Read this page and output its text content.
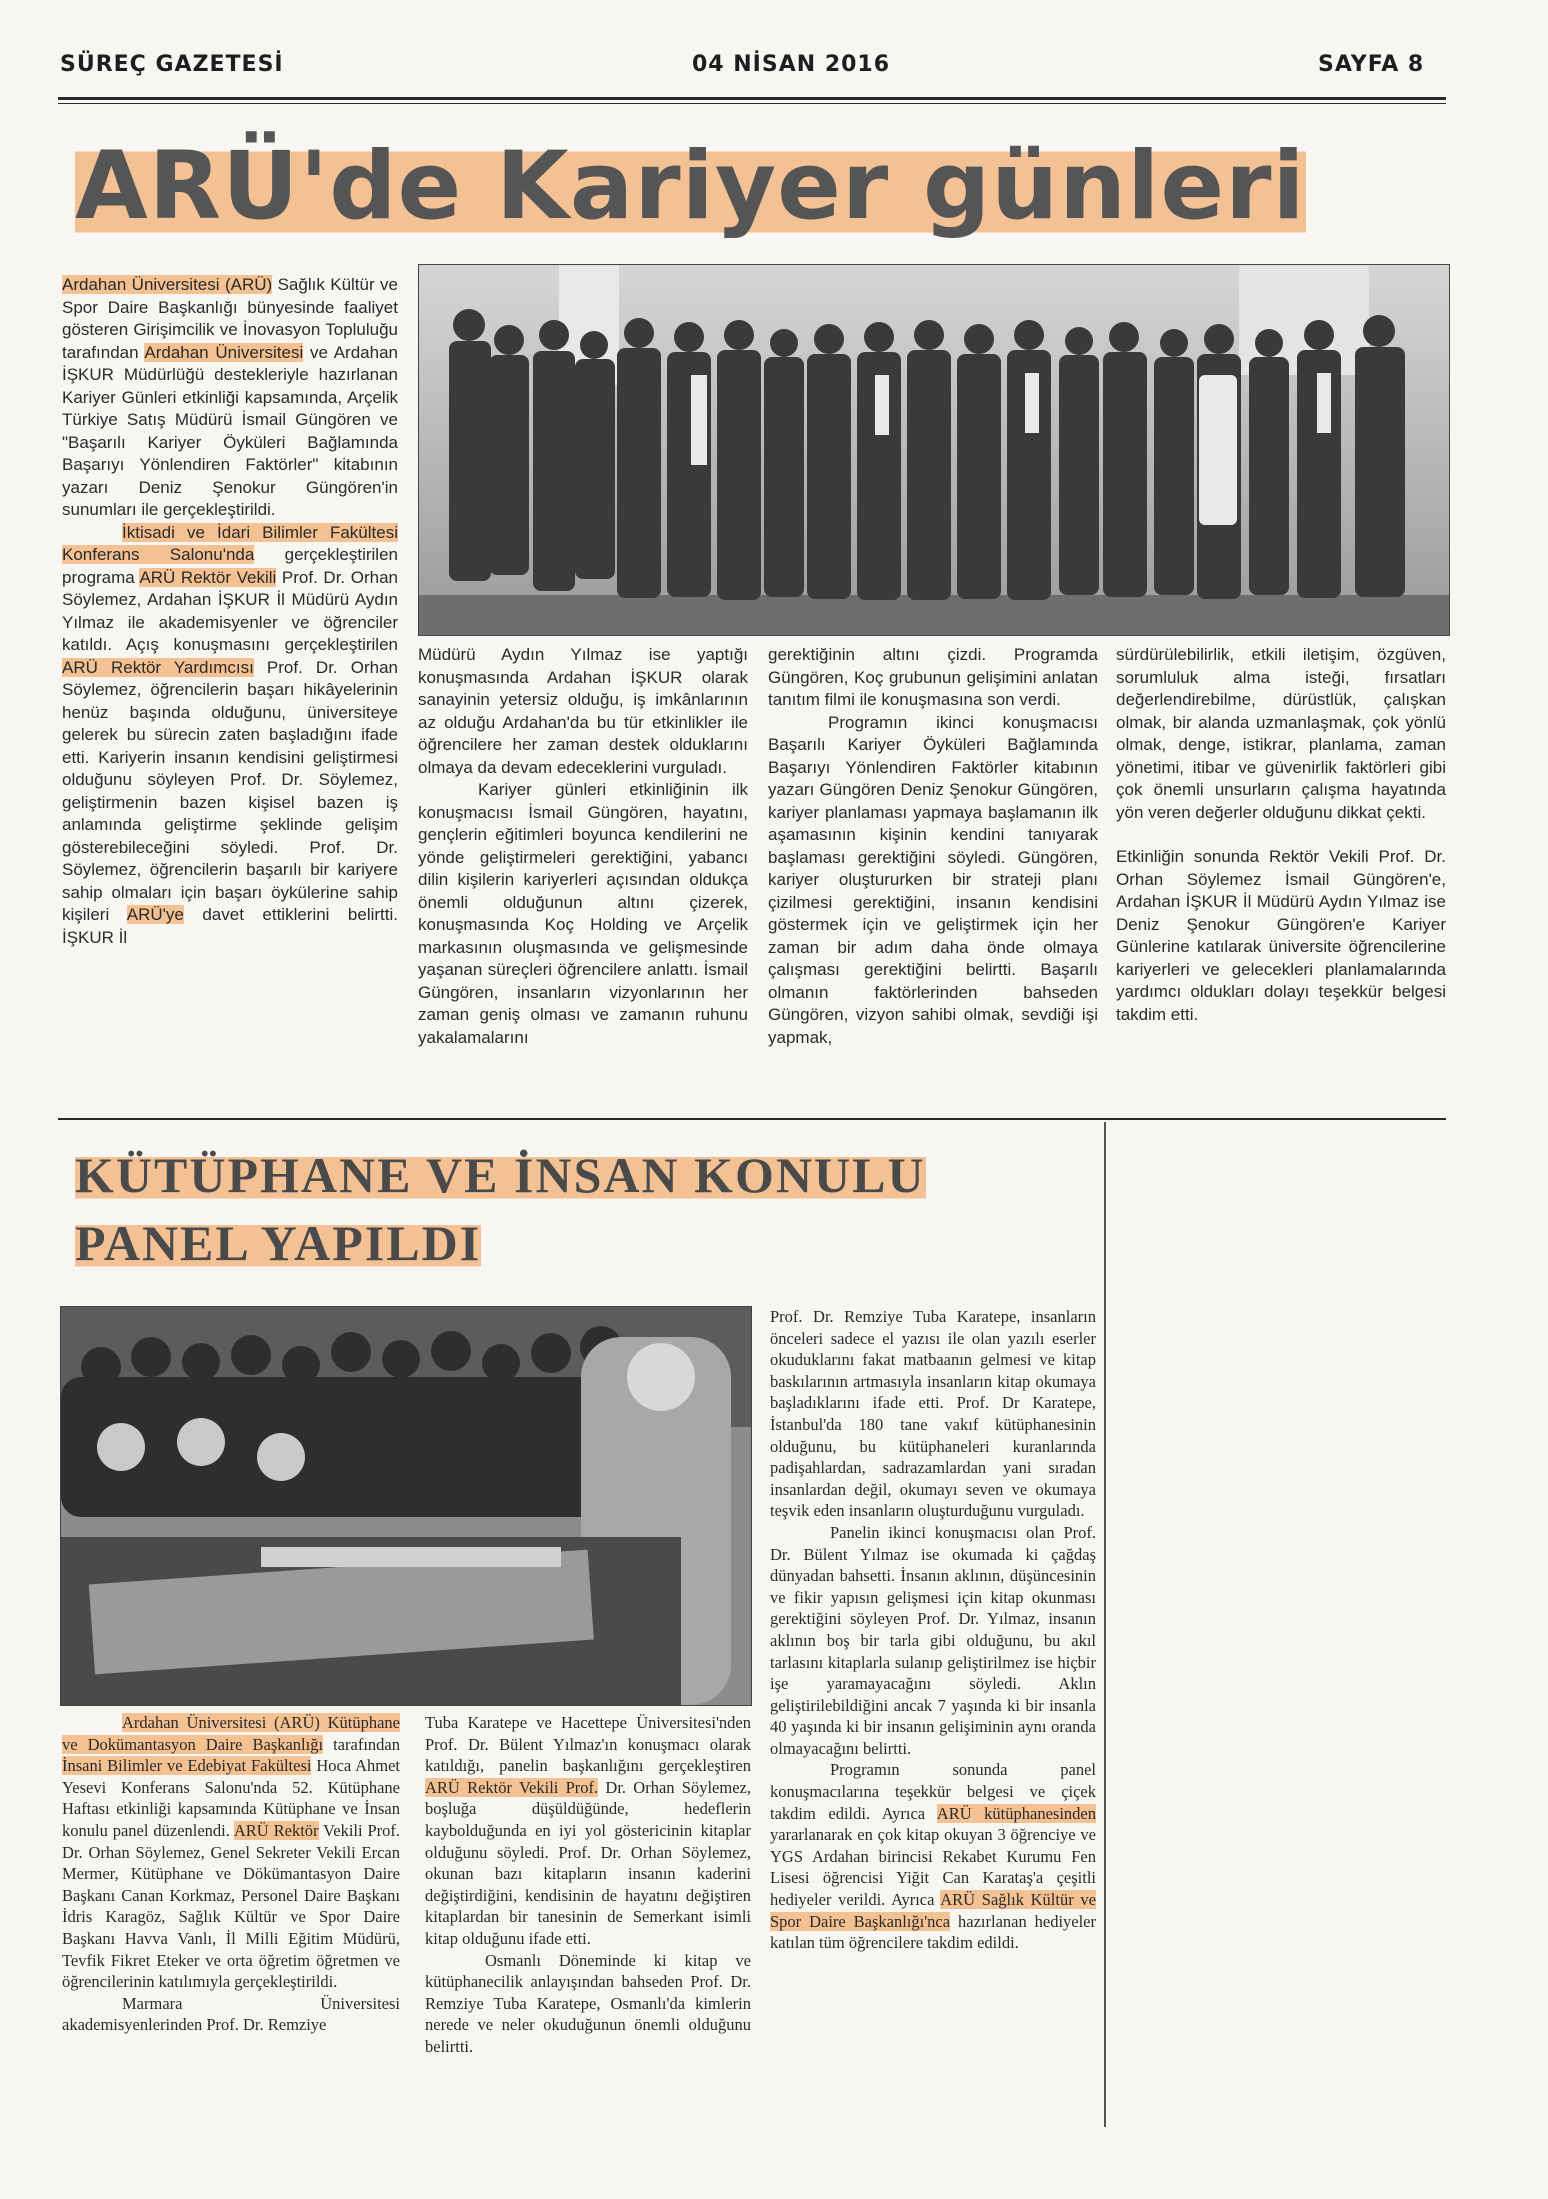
SÜREÇ GAZETESİ	04 NİSAN 2016	SAYFA 8
ARÜ'de Kariyer günleri

Ardahan Üniversitesi (ARÜ) Sağlık Kültür ve Spor Daire Başkanlığı bünyesinde faaliyet gösteren Girişimcilik ve İnovasyon Topluluğu tarafından Ardahan Üniversitesi ve Ardahan İŞKUR Müdürlüğü destekleriyle hazırlanan Kariyer Günleri etkinliği kapsamında, Arçelik Türkiye Satış Müdürü İsmail Güngören ve "Başarılı Kariyer Öyküleri Bağlamında Başarıyı Yönlendiren Faktörler" kitabının yazarı Deniz Şenokur Güngören'in sunumları ile gerçekleştirildi.

İktisadi ve İdari Bilimler Fakültesi Konferans Salonu'nda gerçekleştirilen programa ARÜ Rektör Vekili Prof. Dr. Orhan Söylemez, Ardahan İŞKUR İl Müdürü Aydın Yılmaz ile akademisyenler ve öğrenciler katıldı. Açış konuşmasını gerçekleştirilen ARÜ Rektör Yardımcısı Prof. Dr. Orhan Söylemez, öğrencilerin başarı hikâyelerinin henüz başında olduğunu, üniversiteye gelerek bu sürecin zaten başladığını ifade etti. Kariyerin insanın kendisini geliştirmesi olduğunu söyleyen Prof. Dr. Söylemez, geliştirmenin bazen kişisel bazen iş anlamında geliştirme şeklinde gelişim gösterebileceğini söyledi. Prof. Dr. Söylemez, öğrencilerin başarılı bir kariyere sahip olmaları için başarı öykülerine sahip kişileri ARÜ'ye davet ettiklerini belirtti. İŞKUR İl

Müdürü Aydın Yılmaz ise yaptığı konuşmasında Ardahan İŞKUR olarak sanayinin yetersiz olduğu, iş imkânlarının az olduğu Ardahan'da bu tür etkinlikler ile öğrencilere her zaman destek olduklarını olmaya da devam edeceklerini vurguladı.

Kariyer günleri etkinliğinin ilk konuşmacısı İsmail Güngören, hayatını, gençlerin eğitimleri boyunca kendilerini ne yönde geliştirmeleri gerektiğini, yabancı dilin kişilerin kariyerleri açısından oldukça önemli olduğunun altını çizerek, konuşmasında Koç Holding ve Arçelik markasının oluşmasında ve gelişmesinde yaşanan süreçleri öğrencilere anlattı. İsmail Güngören, insanların vizyonlarının her zaman geniş olması ve zamanın ruhunu yakalamalarını

gerektiğinin altını çizdi. Programda Güngören, Koç grubunun gelişimini anlatan tanıtım filmi ile konuşmasına son verdi.

Programın ikinci konuşmacısı Başarılı Kariyer Öyküleri Bağlamında Başarıyı Yönlendiren Faktörler kitabının yazarı Güngören Deniz Şenokur Güngören, kariyer planlaması yapmaya başlamanın ilk aşamasının kişinin kendini tanıyarak başlaması gerektiğini söyledi. Güngören, kariyer oluştururken bir strateji planı çizilmesi gerektiğini, insanın kendisini göstermek için ve geliştirmek için her zaman bir adım daha önde olmaya çalışması gerektiğini belirtti. Başarılı olmanın faktörlerinden bahseden Güngören, vizyon sahibi olmak, sevdiği işi yapmak,

sürdürülebilirlik, etkili iletişim, özgüven, sorumluluk alma isteği, fırsatları değerlendirebilme, dürüstlük, çalışkan olmak, bir alanda uzmanlaşmak, çok yönlü olmak, denge, istikrar, planlama, zaman yönetimi, itibar ve güvenirlik faktörleri gibi çok önemli unsurların çalışma hayatında yön veren değerler olduğunu dikkat çekti.

Etkinliğin sonunda Rektör Vekili Prof. Dr. Orhan Söylemez İsmail Güngören'e, Ardahan İŞKUR İl Müdürü Aydın Yılmaz ise Deniz Şenokur Güngören'e Kariyer Günlerine katılarak üniversite öğrencilerine kariyerleri ve gelecekleri planlamalarında yardımcı oldukları dolayı teşekkür belgesi takdim etti.

KÜTÜPHANE VE İNSAN KONULU
PANEL YAPILDI

Ardahan Üniversitesi (ARÜ) Kütüphane ve Dokümantasyon Daire Başkanlığı tarafından İnsani Bilimler ve Edebiyat Fakültesi Hoca Ahmet Yesevi Konferans Salonu'nda 52. Kütüphane Haftası etkinliği kapsamında Kütüphane ve İnsan konulu panel düzenlendi. ARÜ Rektör Vekili Prof. Dr. Orhan Söylemez, Genel Sekreter Vekili Ercan Mermer, Kütüphane ve Dökümantasyon Daire Başkanı Canan Korkmaz, Personel Daire Başkanı İdris Karagöz, Sağlık Kültür ve Spor Daire Başkanı Havva Vanlı, İl Milli Eğitim Müdürü, Tevfik Fikret Eteker ve orta öğretim öğretmen ve öğrencilerinin katılımıyla gerçekleştirildi.

Marmara Üniversitesi akademisyenlerinden Prof. Dr. Remziye

Tuba Karatepe ve Hacettepe Üniversitesi'nden Prof. Dr. Bülent Yılmaz'ın konuşmacı olarak katıldığı, panelin başkanlığını gerçekleştiren ARÜ Rektör Vekili Prof. Dr. Orhan Söylemez, boşluğa düşüldüğünde, hedeflerin kaybolduğunda en iyi yol göstericinin kitaplar olduğunu söyledi. Prof. Dr. Orhan Söylemez, okunan bazı kitapların insanın kaderini değiştirdiğini, kendisinin de hayatını değiştiren kitaplardan bir tanesinin de Semerkant isimli kitap olduğunu ifade etti.

Osmanlı Döneminde ki kitap ve kütüphanecilik anlayışından bahseden Prof. Dr. Remziye Tuba Karatepe, Osmanlı'da kimlerin nerede ve neler okuduğunun önemli olduğunu belirtti.

Prof. Dr. Remziye Tuba Karatepe, insanların önceleri sadece el yazısı ile olan yazılı eserler okuduklarını fakat matbaanın gelmesi ve kitap baskılarının artmasıyla insanların kitap okumaya başladıklarını ifade etti. Prof. Dr Karatepe, İstanbul'da 180 tane vakıf kütüphanesinin olduğunu, bu kütüphaneleri kuranlarında padişahlardan, sadrazamlardan yani sıradan insanlardan değil, okumayı seven ve okumaya teşvik eden insanların oluşturduğunu vurguladı.

Panelin ikinci konuşmacısı olan Prof. Dr. Bülent Yılmaz ise okumada ki çağdaş dünyadan bahsetti. İnsanın aklının, düşüncesinin ve fikir yapısın gelişmesi için kitap okunması gerektiğini söyleyen Prof. Dr. Yılmaz, insanın aklının boş bir tarla gibi olduğunu, bu akıl tarlasını kitaplarla sulanıp geliştirilmez ise hiçbir işe yaramayacağını söyledi. Aklın geliştirilebildiğini ancak 7 yaşında ki bir insanla 40 yaşında ki bir insanın gelişiminin aynı oranda olmayacağını belirtti.

Programın sonunda panel konuşmacılarına teşekkür belgesi ve çiçek takdim edildi. Ayrıca ARÜ kütüphanesinden yararlanarak en çok kitap okuyan 3 öğrenciye ve YGS Ardahan birincisi Rekabet Kurumu Fen Lisesi öğrencisi Yiğit Can Karataş'a çeşitli hediyeler verildi. Ayrıca ARÜ Sağlık Kültür ve Spor Daire Başkanlığı'nca hazırlanan hediyeler katılan tüm öğrencilere takdim edildi.
